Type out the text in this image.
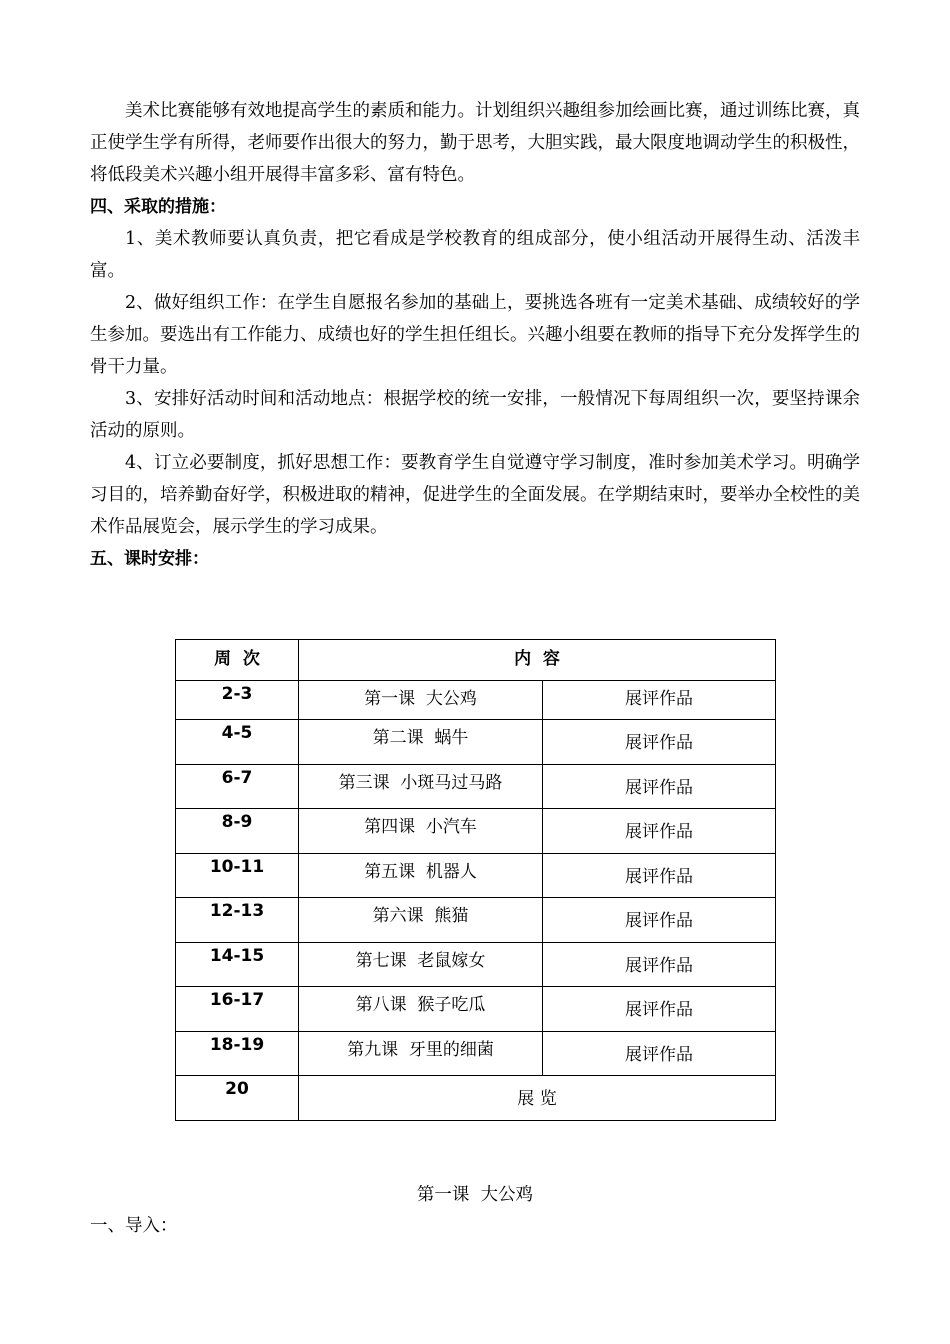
美术比赛能够有效地提高学生的素质和能力。计划组织兴趣组参加绘画比赛，通过训练比赛，真正使学生学有所得，老师要作出很大的努力，勤于思考，大胆实践，最大限度地调动学生的积极性，将低段美术兴趣小组开展得丰富多彩、富有特色。

四、采取的措施：

1、美术教师要认真负责，把它看成是学校教育的组成部分，使小组活动开展得生动、活泼丰富。

2、做好组织工作：在学生自愿报名参加的基础上，要挑选各班有一定美术基础、成绩较好的学生参加。要选出有工作能力、成绩也好的学生担任组长。兴趣小组要在教师的指导下充分发挥学生的骨干力量。

3、安排好活动时间和活动地点：根据学校的统一安排，一般情况下每周组织一次，要坚持课余活动的原则。

4、订立必要制度，抓好思想工作：要教育学生自觉遵守学习制度，准时参加美术学习。明确学习目的，培养勤奋好学，积极进取的精神，促进学生的全面发展。在学期结束时，要举办全校性的美术作品展览会，展示学生的学习成果。

五、课时安排：

周  次	内  容	
2-3	第一课  大公鸡	展评作品
4-5	第二课  蜗牛	展评作品
6-7	第三课  小斑马过马路	展评作品
8-9	第四课  小汽车	展评作品
10-11	第五课  机器人	展评作品
12-13	第六课  熊猫	展评作品
14-15	第七课  老鼠嫁女	展评作品
16-17	第八课  猴子吃瓜	展评作品
18-19	第九课  牙里的细菌	展评作品
20	展 览	
第一课  大公鸡
一、导入：
